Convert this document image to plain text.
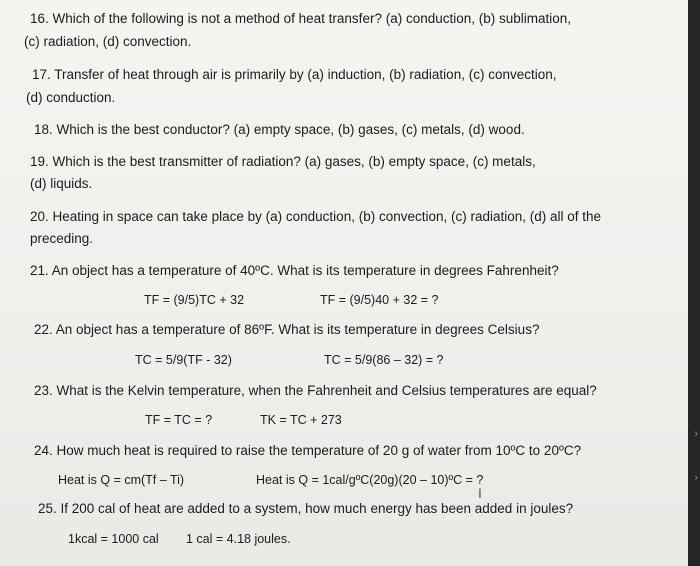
16. Which of the following is not a method of heat transfer? (a) conduction, (b) sublimation,
(c) radiation, (d) convection.
17. Transfer of heat through air is primarily by (a) induction, (b) radiation, (c) convection,
(d) conduction.
18. Which is the best conductor? (a) empty space, (b) gases, (c) metals, (d) wood.
19. Which is the best transmitter of radiation? (a) gases, (b) empty space, (c) metals,
(d) liquids.
20. Heating in space can take place by (a) conduction, (b) convection, (c) radiation, (d) all of the
preceding.
21. An object has a temperature of 40ºC. What is its temperature in degrees Fahrenheit?
TF = (9/5)TC + 32	TF = (9/5)40 + 32 = ?
22. An object has a temperature of 86ºF. What is its temperature in degrees Celsius?
TC = 5/9(TF - 32)	TC = 5/9(86 – 32) = ?
23. What is the Kelvin temperature, when the Fahrenheit and Celsius temperatures are equal?
TF = TC = ?	TK = TC + 273
24. How much heat is required to raise the temperature of 20 g of water from 10ºC to 20ºC?
Heat is Q = cm(Tf – Ti)	Heat is Q = 1cal/gºC(20g)(20 – 10)ºC = ?
I
25. If 200 cal of heat are added to a system, how much energy has been added in joules?
1kcal = 1000 cal 1 cal = 4.18 joules.
›
›
